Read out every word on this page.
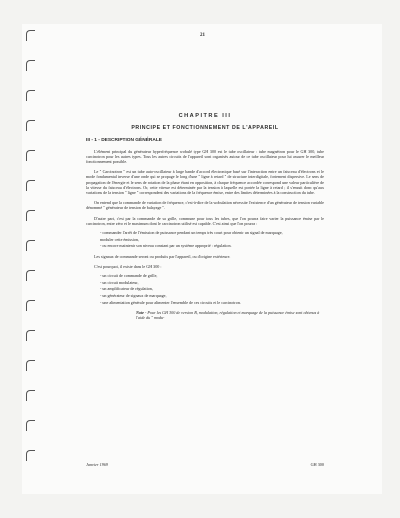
21
CHAPITRE III
PRINCIPE ET FONCTIONNEMENT DE L'APPAREIL
III - 1 - DESCRIPTION GÉNÉRALE

L'élément principal du générateur hyperfréquence wobulé type GH 300 est le tube oscillateur : tube magnétron pour le GH 300, tube carcinotron pour les autres types. Tous les autres circuits de l'appareil sont organisés autour de ce tube oscillateur pour lui assurer le meilleur fonctionnement possible.

Le " Carcinotron " est un tube auto-oscillateur à large bande d'accord électronique basé sur l'interaction entre un faisceau d'électrons et le mode fondamental inverse d'une onde qui se propage le long d'une " ligne à retard " de structure interdigitale, fortement dispersive. Le sens de propagation de l'énergie et le sens de rotation de la phase étant en opposition, à chaque fréquence accordée correspond une valeur particulière de la vitesse du faisceau d'électrons. Or, cette vitesse est déterminée par la tension à laquelle est portée la ligne à retard ; il s'ensuit donc qu'aux variations de la tension " ligne " correspondent des variations de la fréquence émise, entre des limites déterminées à la construction du tube.

On entend que la commande de variation de fréquence, c'est-à-dire de la wobulation nécessite l'existence d'un générateur de tension variable dénommé " générateur de tension de balayage ".

D'autre part, c'est par la commande de sa grille, commune pour tous les tubes, que l'on pourra faire varier la puissance émise par le carcinotron, entre zéro et le maximum dont le carcinotron utilisé est capable. C'est ainsi que l'on pourra :

- commander l'arrêt de l'émission de puissance pendant un temps très court pour obtenir un signal de marquage,
moduler cette émission,
- ou encore maintenir son niveau constant par un système approprié : régulation.

Les signaux de commande seront ou produits par l'appareil, ou d'origine extérieure.

C'est pourquoi, il existe dans le GH 300 :

- un circuit de commande de grille,
- un circuit modulateur,
- un amplificateur de régulation,
- un générateur de signaux de marquage,
- une alimentation générale pour alimenter l'ensemble de ces circuits et le carcinotron.
Note - Pour les GH 300 de version B, modulation, régulation et marquage de la puissance émise sont obtenus à l'aide du " modu-
Janvier 1969	GH 300
